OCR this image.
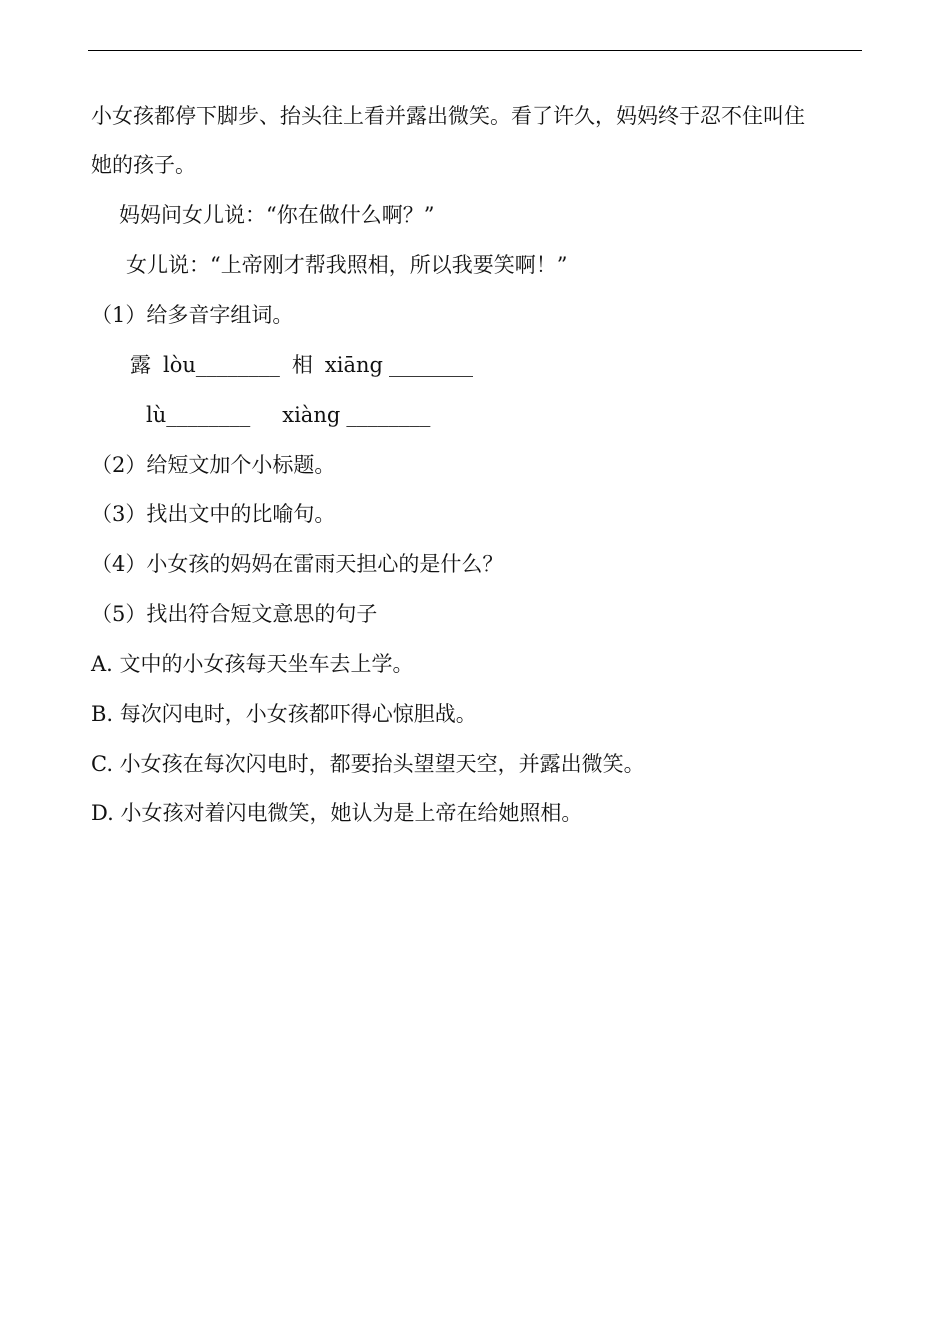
小女孩都停下脚步、抬头往上看并露出微笑。看了许久，妈妈终于忍不住叫住
她的孩子。
妈妈问女儿说：“你在做什么啊？”
女儿说：“上帝刚才帮我照相，所以我要笑啊！”
（1）给多音字组词。
露 lòu________ 相 xiāng ________
lù________ xiàng ________
（2）给短文加个小标题。
（3）找出文中的比喻句。
（4）小女孩的妈妈在雷雨天担心的是什么？
（5）找出符合短文意思的句子
A. 文中的小女孩每天坐车去上学。
B. 每次闪电时，小女孩都吓得心惊胆战。
C. 小女孩在每次闪电时，都要抬头望望天空，并露出微笑。
D. 小女孩对着闪电微笑，她认为是上帝在给她照相。
